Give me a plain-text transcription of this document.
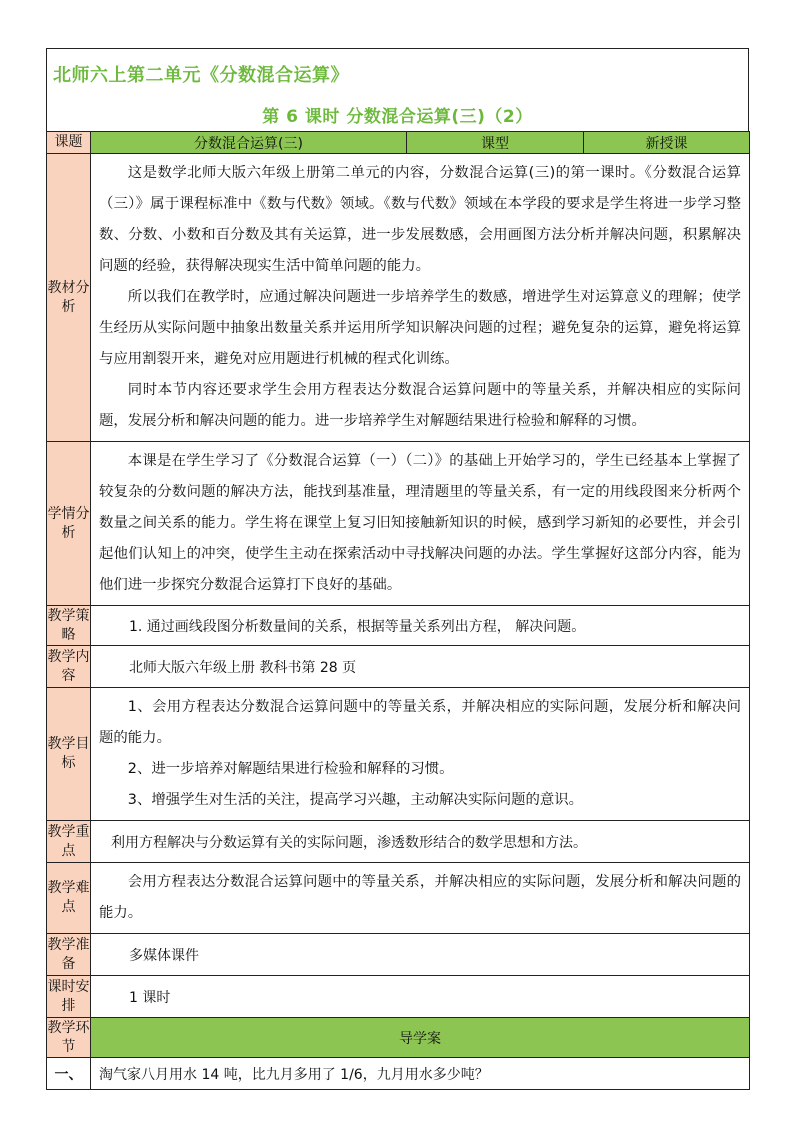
北师六上第二单元《分数混合运算》
第 6 课时 分数混合运算(三)（2）
课题	分数混合运算(三)	课型	新授课
教材分析	这是数学北师大版六年级上册第二单元的内容，分数混合运算(三)的第一课时。《分数混合运算（三）》属于课程标准中《数与代数》领域。《数与代数》领域在本学段的要求是学生将进一步学习整数、分数、小数和百分数及其有关运算，进一步发展数感，会用画图方法分析并解决问题，积累解决问题的经验，获得解决现实生活中简单问题的能力。

所以我们在教学时，应通过解决问题进一步培养学生的数感，增进学生对运算意义的理解；使学生经历从实际问题中抽象出数量关系并运用所学知识解决问题的过程；避免复杂的运算，避免将运算与应用割裂开来，避免对应用题进行机械的程式化训练。

同时本节内容还要求学生会用方程表达分数混合运算问题中的等量关系，并解决相应的实际问题，发展分析和解决问题的能力。进一步培养学生对解题结果进行检验和解释的习惯。		

学情分析	本课是在学生学习了《分数混合运算（一）（二）》的基础上开始学习的，学生已经基本上掌握了较复杂的分数问题的解决方法，能找到基准量，理清题里的等量关系，有一定的用线段图来分析两个数量之间关系的能力。学生将在课堂上复习旧知接触新知识的时候，感到学习新知的必要性，并会引起他们认知上的冲突，使学生主动在探索活动中寻找解决问题的办法。学生掌握好这部分内容，能为他们进一步探究分数混合运算打下良好的基础。		

教学策略	1. 通过画线段图分析数量间的关系，根据等量关系列出方程， 解决问题。		
教学内容	北师大版六年级上册 教科书第 28 页		
教学目标	1、会用方程表达分数混合运算问题中的等量关系，并解决相应的实际问题，发展分析和解决问题的能力。

2、进一步培养对解题结果进行检验和解释的习惯。

3、增强学生对生活的关注，提高学习兴趣，主动解决实际问题的意识。		

教学重点	利用方程解决与分数运算有关的实际问题，渗透数形结合的数学思想和方法。		
教学难点	会用方程表达分数混合运算问题中的等量关系，并解决相应的实际问题，发展分析和解决问题的能力。		

教学准备	多媒体课件		
课时安排	1 课时		
教学环节	导学案		
一、	淘气家八月用水 14 吨，比九月多用了 1/6，九月用水多少吨？		
